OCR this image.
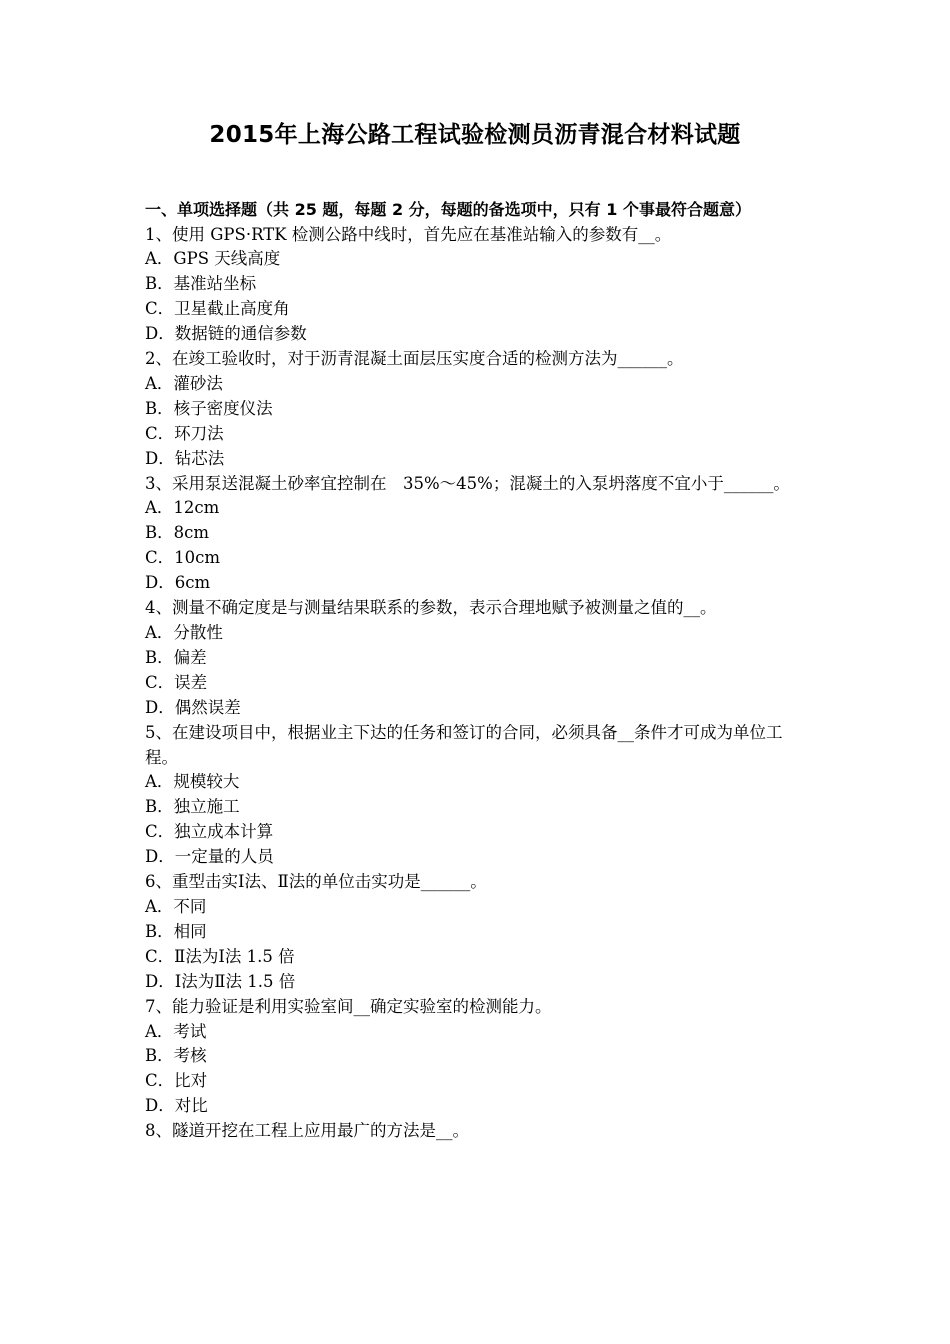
2015年上海公路工程试验检测员沥青混合材料试题

一、单项选择题（共 25 题，每题 2 分，每题的备选项中，只有 1 个事最符合题意）

1、使用 GPS·RTK 检测公路中线时，首先应在基准站输入的参数有__。

A．GPS 天线高度

B．基准站坐标

C．卫星截止高度角

D．数据链的通信参数

2、在竣工验收时，对于沥青混凝土面层压实度合适的检测方法为______。

A．灌砂法

B．核子密度仪法

C．环刀法

D．钻芯法

3、采用泵送混凝土砂率宜控制在　35%～45%；混凝土的入泵坍落度不宜小于______。

A．12cm

B．8cm

C．10cm

D．6cm

4、测量不确定度是与测量结果联系的参数，表示合理地赋予被测量之值的__。

A．分散性

B．偏差

C．误差

D．偶然误差

5、在建设项目中，根据业主下达的任务和签订的合同，必须具备__条件才可成为单位工程。

A．规模较大

B．独立施工

C．独立成本计算

D．一定量的人员

6、重型击实Ⅰ法、Ⅱ法的单位击实功是______。

A．不同

B．相同

C．Ⅱ法为Ⅰ法 1.5 倍

D．Ⅰ法为Ⅱ法 1.5 倍

7、能力验证是利用实验室间__确定实验室的检测能力。

A．考试

B．考核

C．比对

D．对比

8、隧道开挖在工程上应用最广的方法是__。
